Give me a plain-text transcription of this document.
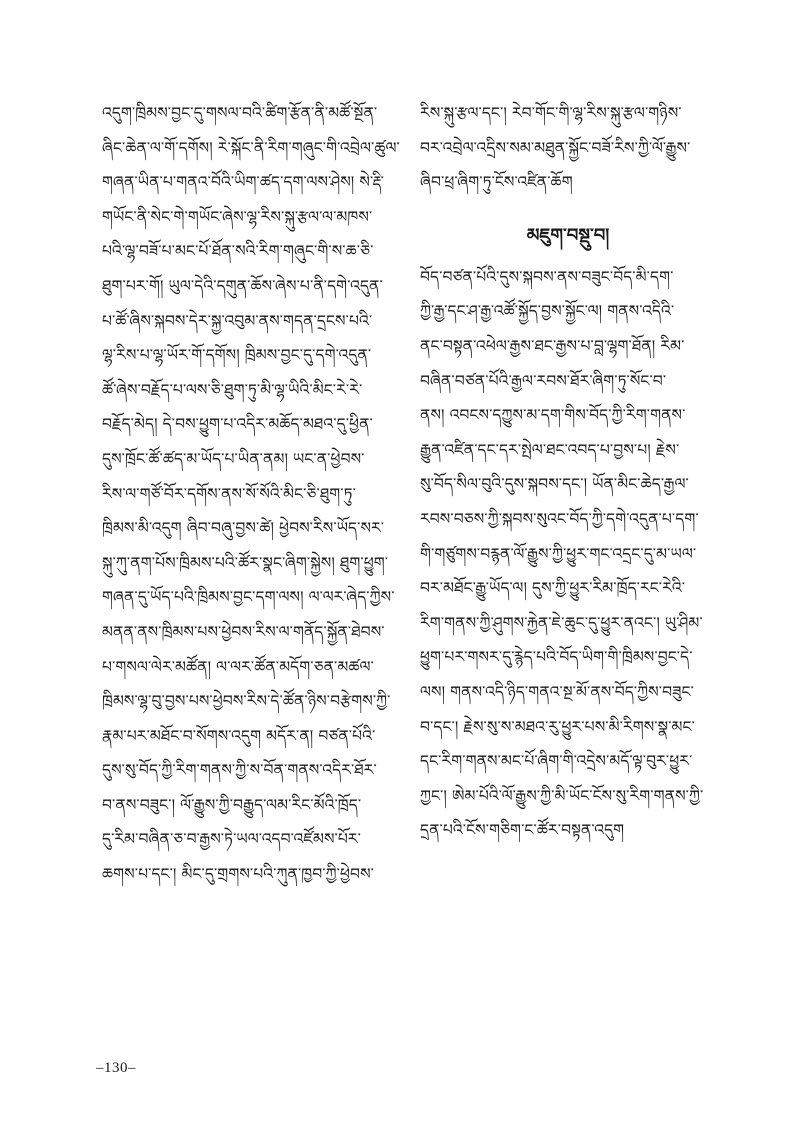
འདུག་ཁྲིམས་བྱང་དུ་གསལ་བའི་ཚིག་རྩོན་ནི་མཚོ་སྔོན་
ཞིང་ཆེན་ལ་གོ་དགོས། རེ་སྐོང་ནི་རིག་གཞུང་གི་འབྲེལ་ཚུལ་
གཞན་ཡིན་པ་གནའ་བོའི་ཡིག་ཚད་དག་ལས་ཤེས། སེ་རྡི་
གཡོང་ནི་སེང་གེ་གཡོང་ཞེས་ལྷ་རིས་སྐུ་རྩལ་ལ་མཁས་
པའི་ལྷ་བཟོ་པ་མང་པོ་ཐོན་སའི་རིག་གཞུང་གི་ས་ཆ་ཅི་
ཐུག་པར་གོ། ཡུལ་དེའི་དགུན་ཆོས་ཞེས་པ་ནི་དགེ་འདུན་
པ་ཚོ་ཞིས་སྐབས་དེར་སྐྱ་འབུམ་ནས་གདན་དྲངས་པའི་
ལྷ་རིས་པ་ལྷ་ཡོར་གོ་དགོས། ཁྲིམས་བྱང་དུ་དགེ་འདུན་
ཚོ་ཞེས་བརྗོད་པ་ལས་ཅི་ཐུག་ཏུ་མི་ལྷ་ཡིའི་མིང་རེ་རེ་
བརྗོད་མེད། དེ་བས་ཕྱུག་པ་འདིར་མཆོད་མཐའ་དུ་ཕྱིན་
དུས་ཁྲོང་ཚོ་ཚད་མ་ཡོད་པ་ཡིན་ནམ། ཡང་ན་ཕྱེབས་
རིས་ལ་གཙོ་བོར་དགོས་ནས་སོ་སོའི་མིང་ཅི་ཐུག་ཏུ་
ཁྲིམས་མི་འདུག ཞིབ་བཞུ་བྱས་ཚེ། ཕྱེབས་རིས་ཡོད་སར་
སྐུ་ཀུ་ནག་པོས་ཁྲིམས་པའི་ཚོར་སྣང་ཞིག་སྐྱེས། ཐུག་ཕྱུག་
གཞན་དུ་ཡོད་པའི་ཁྲིམས་བྱང་དག་ལས། ལ་ལར་ཞེད་ཀྱིས་
མནན་ནས་ཁྲིམས་པས་ཕྱེབས་རིས་ལ་གནོད་སྐྱོན་ཐེབས་
པ་གསལ་ལེར་མཚོན། ལ་ལར་ཚོན་མདོག་ཅན་མཚལ་
ཁྲིམས་ལྷ་བུ་བྱས་པས་ཕྱེབས་རིས་དེ་ཚོན་ཉིས་བརྩེགས་ཀྱི་
རྣམ་པར་མཐོང་བ་སོགས་འདུག མདོར་ན། བཙན་པོའི་
དུས་སུ་བོད་ཀྱི་རིག་གནས་ཀྱི་ས་བོན་གནས་འདིར་ཐོར་
བ་ནས་བཟུང་། ལོ་རྒྱུས་ཀྱི་བརྒྱུད་ལམ་རིང་མོའི་ཁྲོད་
དུ་རིམ་བཞིན་ཅ་བ་རྒྱས་ཏེ་ཡལ་འདབ་འཛོམས་པོར་
ཆགས་པ་དང་། མིང་དུ་གྲགས་པའི་ཀུན་ཁྱབ་ཀྱི་ཕྱེབས་
རིས་སྐུ་རྩལ་དང་། རེབ་གོང་གི་ལྷ་རིས་སྐུ་རྩལ་གཉིས་
བར་འབྲེལ་འདྲིས་སམ་མཐུན་སྐྱོང་བཟོ་རིས་ཀྱི་ལོ་རྒྱུས་
ཞིབ་ཕྲ་ཞིག་ཏུ་ངོས་འཛིན་ཆོག
མཇུག་བསྡུ་བ།
བོད་བཙན་པོའི་དུས་སྐབས་ནས་བཟུང་བོད་མི་དག་
ཀྱི་རྒྱ་དང་ཤ་རྒྱ་འཚོ་སྐྱོད་བྱས་སྐྱོང་ལ། གནས་འདིའི་
ནང་བསྟན་འཕེལ་རྒྱས་ཐང་རྒྱས་པ་བླ་ལྷག་ཐོན། རིམ་
བཞིན་བཙན་པོའི་རྒྱལ་རབས་ཐོར་ཞིག་ཏུ་སོང་བ་
ནས། འབངས་དཀྱུས་མ་དག་གིས་བོད་ཀྱི་རིག་གནས་
རྒྱུན་འཛིན་དང་དར་སྤེལ་ཐང་འབད་པ་བྱས་པ། རྗེས་
སུ་བོད་སིལ་བུའི་དུས་སྐབས་དང་། ཡོན་མིང་ཆེད་རྒྱལ་
རབས་བཅས་ཀྱི་སྐབས་སུའང་བོད་ཀྱི་དགེ་འདུན་པ་དག་
གི་གཙུགས་བརྙན་ལོ་རྒྱུས་ཀྱི་ཕྱུར་གང་འདྲང་དུ་མ་ཡལ་
བར་མཐོང་རྒྱུ་ཡོད་ལ། དུས་ཀྱི་ཕྱུར་རིམ་ཁྲོད་རང་རེའི་
རིག་གནས་ཀྱི་ཤུགས་རྐྱེན་ཇེ་ཆུང་དུ་ཕྱུར་ནའང་། ཡུ་ཤིམ་
ཕྱུག་པར་གསར་དུ་རྙེད་པའི་བོད་ཡིག་གི་ཁྲིམས་བྱང་དེ་
ལས། གནས་འདི་ཉིད་གནའ་སྔ་མོ་ནས་བོད་ཀྱིས་བཟུང་
བ་དང་། རྗེས་སུ་ས་མཐའ་རུ་ཕྱུར་པས་མི་རིགས་སྣ་མང་
དང་རིག་གནས་མང་པོ་ཞིག་གི་འདྲེས་མདོ་ལྟ་བུར་ཕྱུར་
ཀྱང་། ཨེམ་པོའི་ལོ་རྒྱུས་ཀྱི་མི་ཡོང་ངོས་སུ་རིག་གནས་ཀྱི་
དྲན་པའི་ངོས་གཅིག་ང་ཚོར་བསྟན་འདུག
–130–
